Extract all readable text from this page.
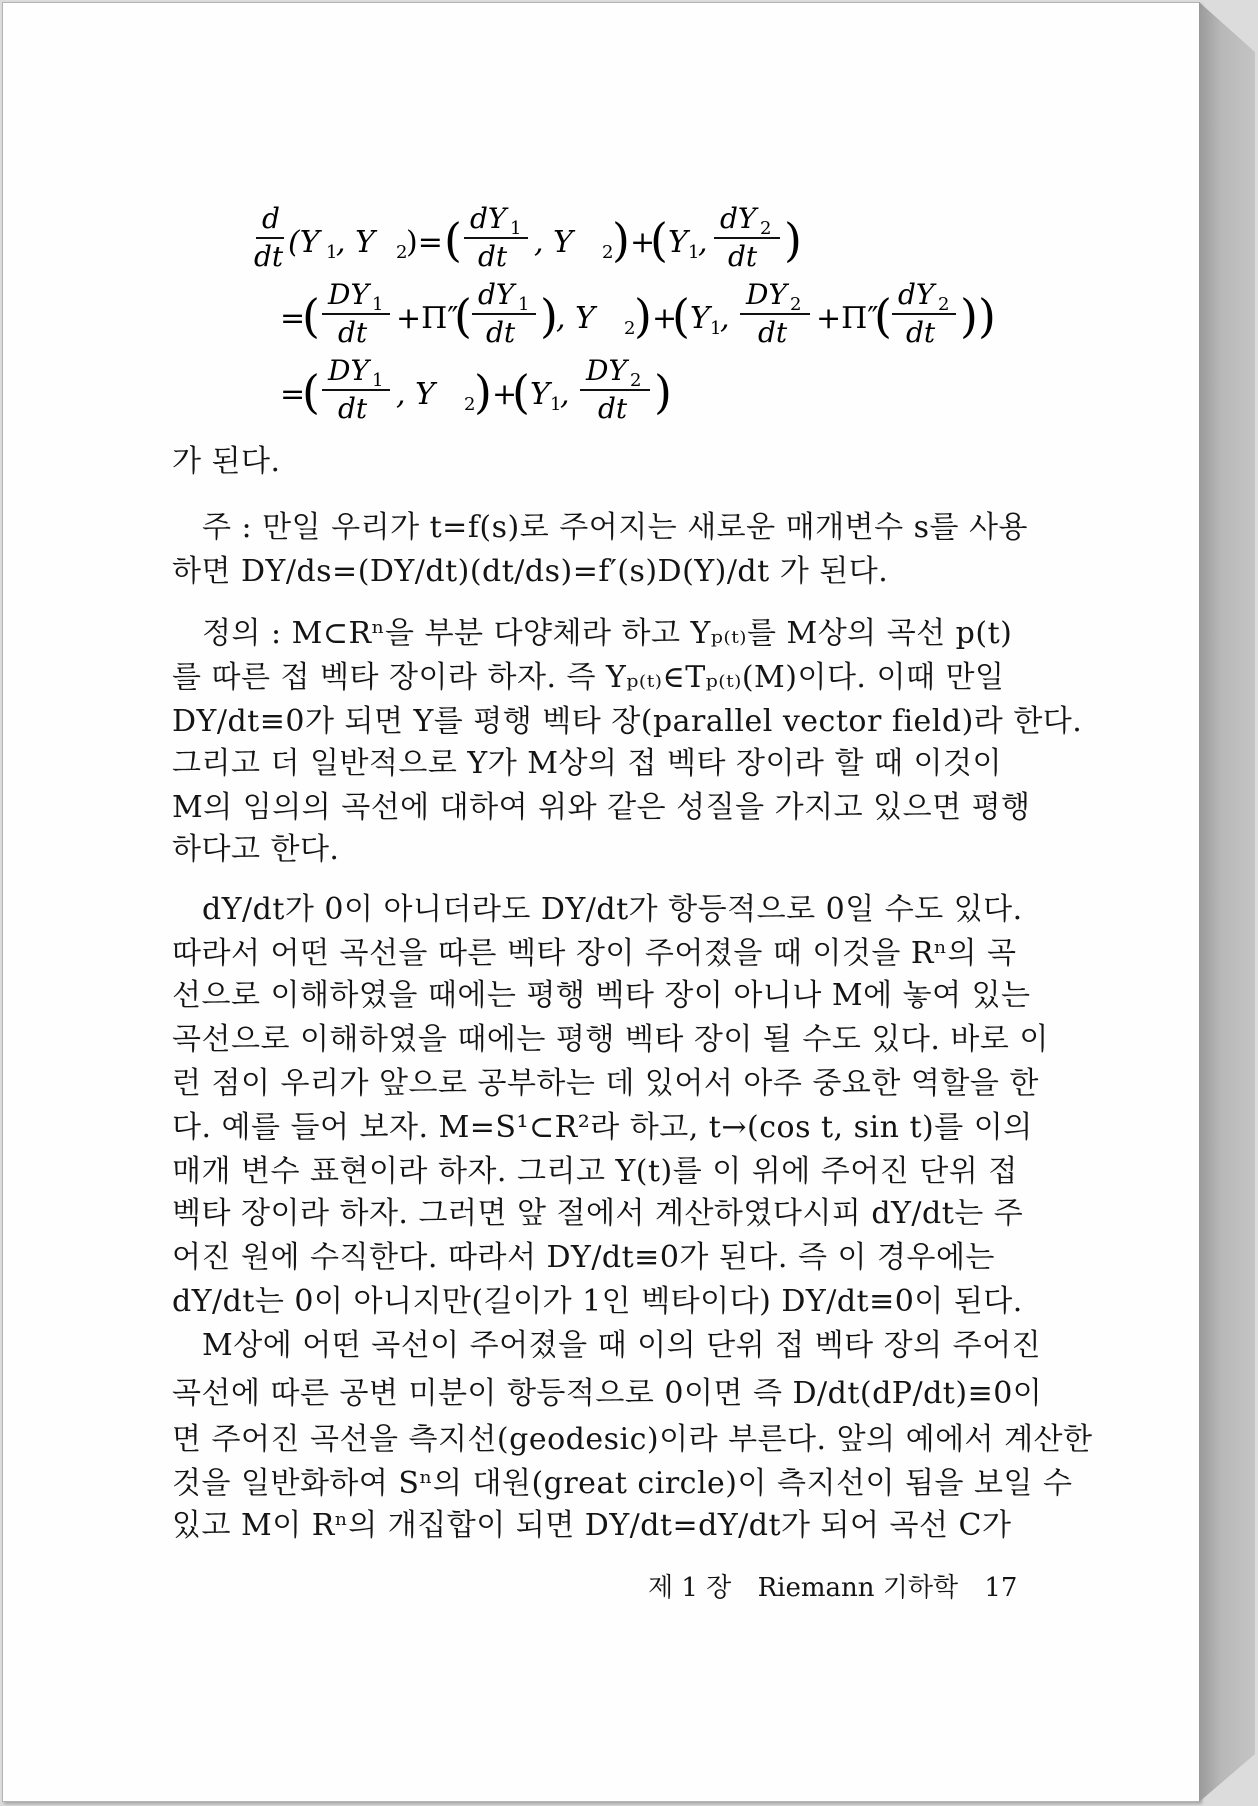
d
dt (Y 1
, Y 2
)= ( dY 1
dt , Y 2
) +
( Y 1
,
dY 2
dt )
=
( DY 1
dt +Π″
( dY 1
dt )
, Y 2
) +
( Y 1
,
DY 2
dt +Π″
( dY 2
dt ))
=
( DY 1
dt , Y 2
) +
( Y 1
,
DY 2
dt )
가 된다.
주 : 만일 우리가 t=f(s)로 주어지는 새로운 매개변수 s를 사용
하면 DY/ds=(DY/dt)(dt/ds)=f′(s)D(Y)/dt 가 된다.
정의 : M⊂Rⁿ을 부분 다양체라 하고 Yₚ₍ₜ₎를 M상의 곡선 p(t)
를 따른 접 벡타 장이라 하자. 즉 Yₚ₍ₜ₎∈Tₚ₍ₜ₎(M)이다. 이때 만일
DY/dt≡0가 되면 Y를 평행 벡타 장(parallel vector field)라 한다.
그리고 더 일반적으로 Y가 M상의 접 벡타 장이라 할 때 이것이
M의 임의의 곡선에 대하여 위와 같은 성질을 가지고 있으면 평행
하다고 한다.
dY/dt가 0이 아니더라도 DY/dt가 항등적으로 0일 수도 있다.
따라서 어떤 곡선을 따른 벡타 장이 주어졌을 때 이것을 Rⁿ의 곡
선으로 이해하였을 때에는 평행 벡타 장이 아니나 M에 놓여 있는
곡선으로 이해하였을 때에는 평행 벡타 장이 될 수도 있다. 바로 이
런 점이 우리가 앞으로 공부하는 데 있어서 아주 중요한 역할을 한
다. 예를 들어 보자. M=S¹⊂R²라 하고, t→(cos t, sin t)를 이의
매개 변수 표현이라 하자. 그리고 Y(t)를 이 위에 주어진 단위 접
벡타 장이라 하자. 그러면 앞 절에서 계산하였다시피 dY/dt는 주
어진 원에 수직한다. 따라서 DY/dt≡0가 된다. 즉 이 경우에는
dY/dt는 0이 아니지만(길이가 1인 벡타이다) DY/dt≡0이 된다.
M상에 어떤 곡선이 주어졌을 때 이의 단위 접 벡타 장의 주어진
곡선에 따른 공변 미분이 항등적으로 0이면 즉 D/dt(dP/dt)≡0이
면 주어진 곡선을 측지선(geodesic)이라 부른다. 앞의 예에서 계산한
것을 일반화하여 Sⁿ의 대원(great circle)이 측지선이 됨을 보일 수
있고 M이 Rⁿ의 개집합이 되면 DY/dt=dY/dt가 되어 곡선 C가
제 1 장 Riemann 기하학 17
